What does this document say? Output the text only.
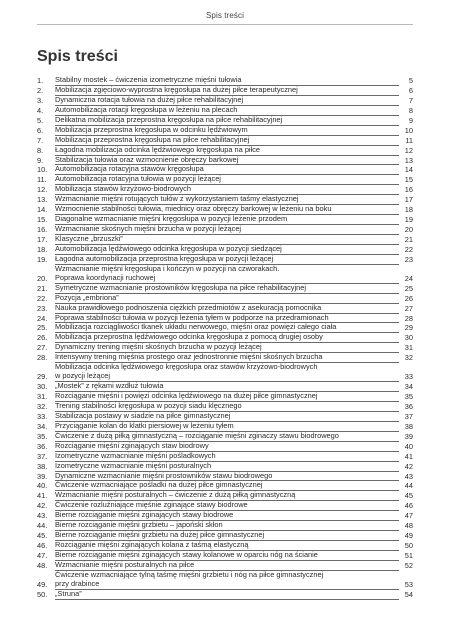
Spis treści
Spis treści
1.	Stabilny mostek – ćwiczenia izometryczne mięśni tułowia	5
2.	Mobilizacja zgięciowo-wyprostna kręgosłupa na dużej piłce terapeutycznej	6
3.	Dynamiczna rotacja tułowia na dużej piłce rehabilitacyjnej	7
4.	Automobilizacja rotacji kręgosłupa w leżeniu na plecach	8
5.	Delikatna mobilizacja przeprostna kręgosłupa na piłce rehabilitacyjnej	9
6.	Mobilizacja przeprostna kręgosłupa w odcinku lędźwiowym	10
7.	Mobilizacja przeprostna kręgosłupa na piłce rehabilitacyjnej	11
8.	Łagodna mobilizacja odcinka lędźwiowego kręgosłupa na piłce	12
9.	Stabilizacja tułowia oraz wzmocnienie obręczy barkowej	13
10.	Automobilizacja rotacyjna stawów kręgosłupa	14
11.	Automobilizacja rotacyjna tułowia w pozycji leżącej	15
12.	Mobilizacja stawów krzyżowo-biodrowych	16
13.	Wzmacnianie mięśni rotujących tułów z wykorzystaniem taśmy elastycznej	17
14.	Wzmocnienie stabilności tułowia, miednicy oraz obręczy barkowej w leżeniu na boku	18
15.	Diagonalne wzmacnianie mięśni kręgosłupa w pozycji leżenie przodem	19
16.	Wzmacnianie skośnych mięśni brzucha w pozycji leżącej	20
17.	Klasyczne „brzuszki”	21
18.	Automobilizacja lędźwiowego odcinka kręgosłupa w pozycji siedzącej	22
19.	Łagodna automobilizacja przeprostna kręgosłupa w pozycji leżącej	23
20.
Wzmacnianie mięśni kręgosłupa i kończyn w pozycji na czworakach.
Poprawa koordynacji ruchowej	24
21.	Symetryczne wzmacnianie prostowników kręgosłupa na piłce rehabilitacyjnej	25
22.	Pozycja „embriona”	26
23.	Nauka prawidłowego podnoszenia ciężkich przedmiotów z asekuracją pomocnika	27
24.	Poprawa stabilności tułowia w pozycji leżenia tyłem w podporze na przedramionach	28
25.	Mobilizacja rozciągliwości tkanek układu nerwowego, mięśni oraz powięzi całego ciała	29
26.	Mobilizacja przeprostna lędźwiowego odcinka kręgosłupa z pomocą drugiej osoby	30
27.	Dynamiczny trening mięśni skośnych brzucha w pozycji leżącej	31
28.	Intensywny trening mięśnia prostego oraz jednostronnie mięśni skośnych brzucha	32
29.
Mobilizacja odcinka lędźwiowego kręgosłupa oraz stawów krzyżowo-biodrowych
w pozycji leżącej	33
30.	„Mostek” z rękami wzdłuż tułowia	34
31.	Rozciąganie mięśni i powięzi odcinka lędźwiowego na dużej piłce gimnastycznej	35
32.	Trening stabilności kręgosłupa w pozycji siadu klęcznego	36
33.	Stabilizacja postawy w siadzie na piłce gimnastycznej	37
34.	Przyciąganie kolan do klatki piersiowej w leżeniu tyłem	38
35.	Ćwiczenie z dużą piłką gimnastyczną – rozciąganie mięśni zginaczy stawu biodrowego	39
36.	Rozciąganie mięśni zginających staw biodrowy	40
37.	Izometryczne wzmacnianie mięśni pośladkowych	41
38.	Izometryczne wzmacnianie mięśni posturalnych	42
39.	Dynamiczne wzmacnianie mięśni prostowników stawu biodrowego	43
40.	Ćwiczenie wzmacniające pośladki na dużej piłce gimnastycznej	44
41.	Wzmacnianie mięśni posturalnych – ćwiczenie z dużą piłką gimnastyczną	45
42.	Ćwiczenie rozluźniające mięśnie zginające stawy biodrowe	46
43.	Bierne rozciąganie mięśni zginających stawy biodrowe	47
44.	Bierne rozciąganie mięśni grzbietu – japoński skłon	48
45.	Bierne rozciąganie mięśni grzbietu na dużej piłce gimnastycznej	49
46.	Rozciąganie mięśni zginających kolana z taśmą elastyczną	50
47.	Bierne rozciąganie mięśni zginających stawy kolanowe w oparciu nóg na ścianie	51
48.	Wzmacnianie mięśni posturalnych na piłce	52
49.
Ćwiczenie wzmacniające tylną taśmę mięśni grzbietu i nóg na piłce gimnastycznej
przy drabince	53
50.	„Struna”	54
